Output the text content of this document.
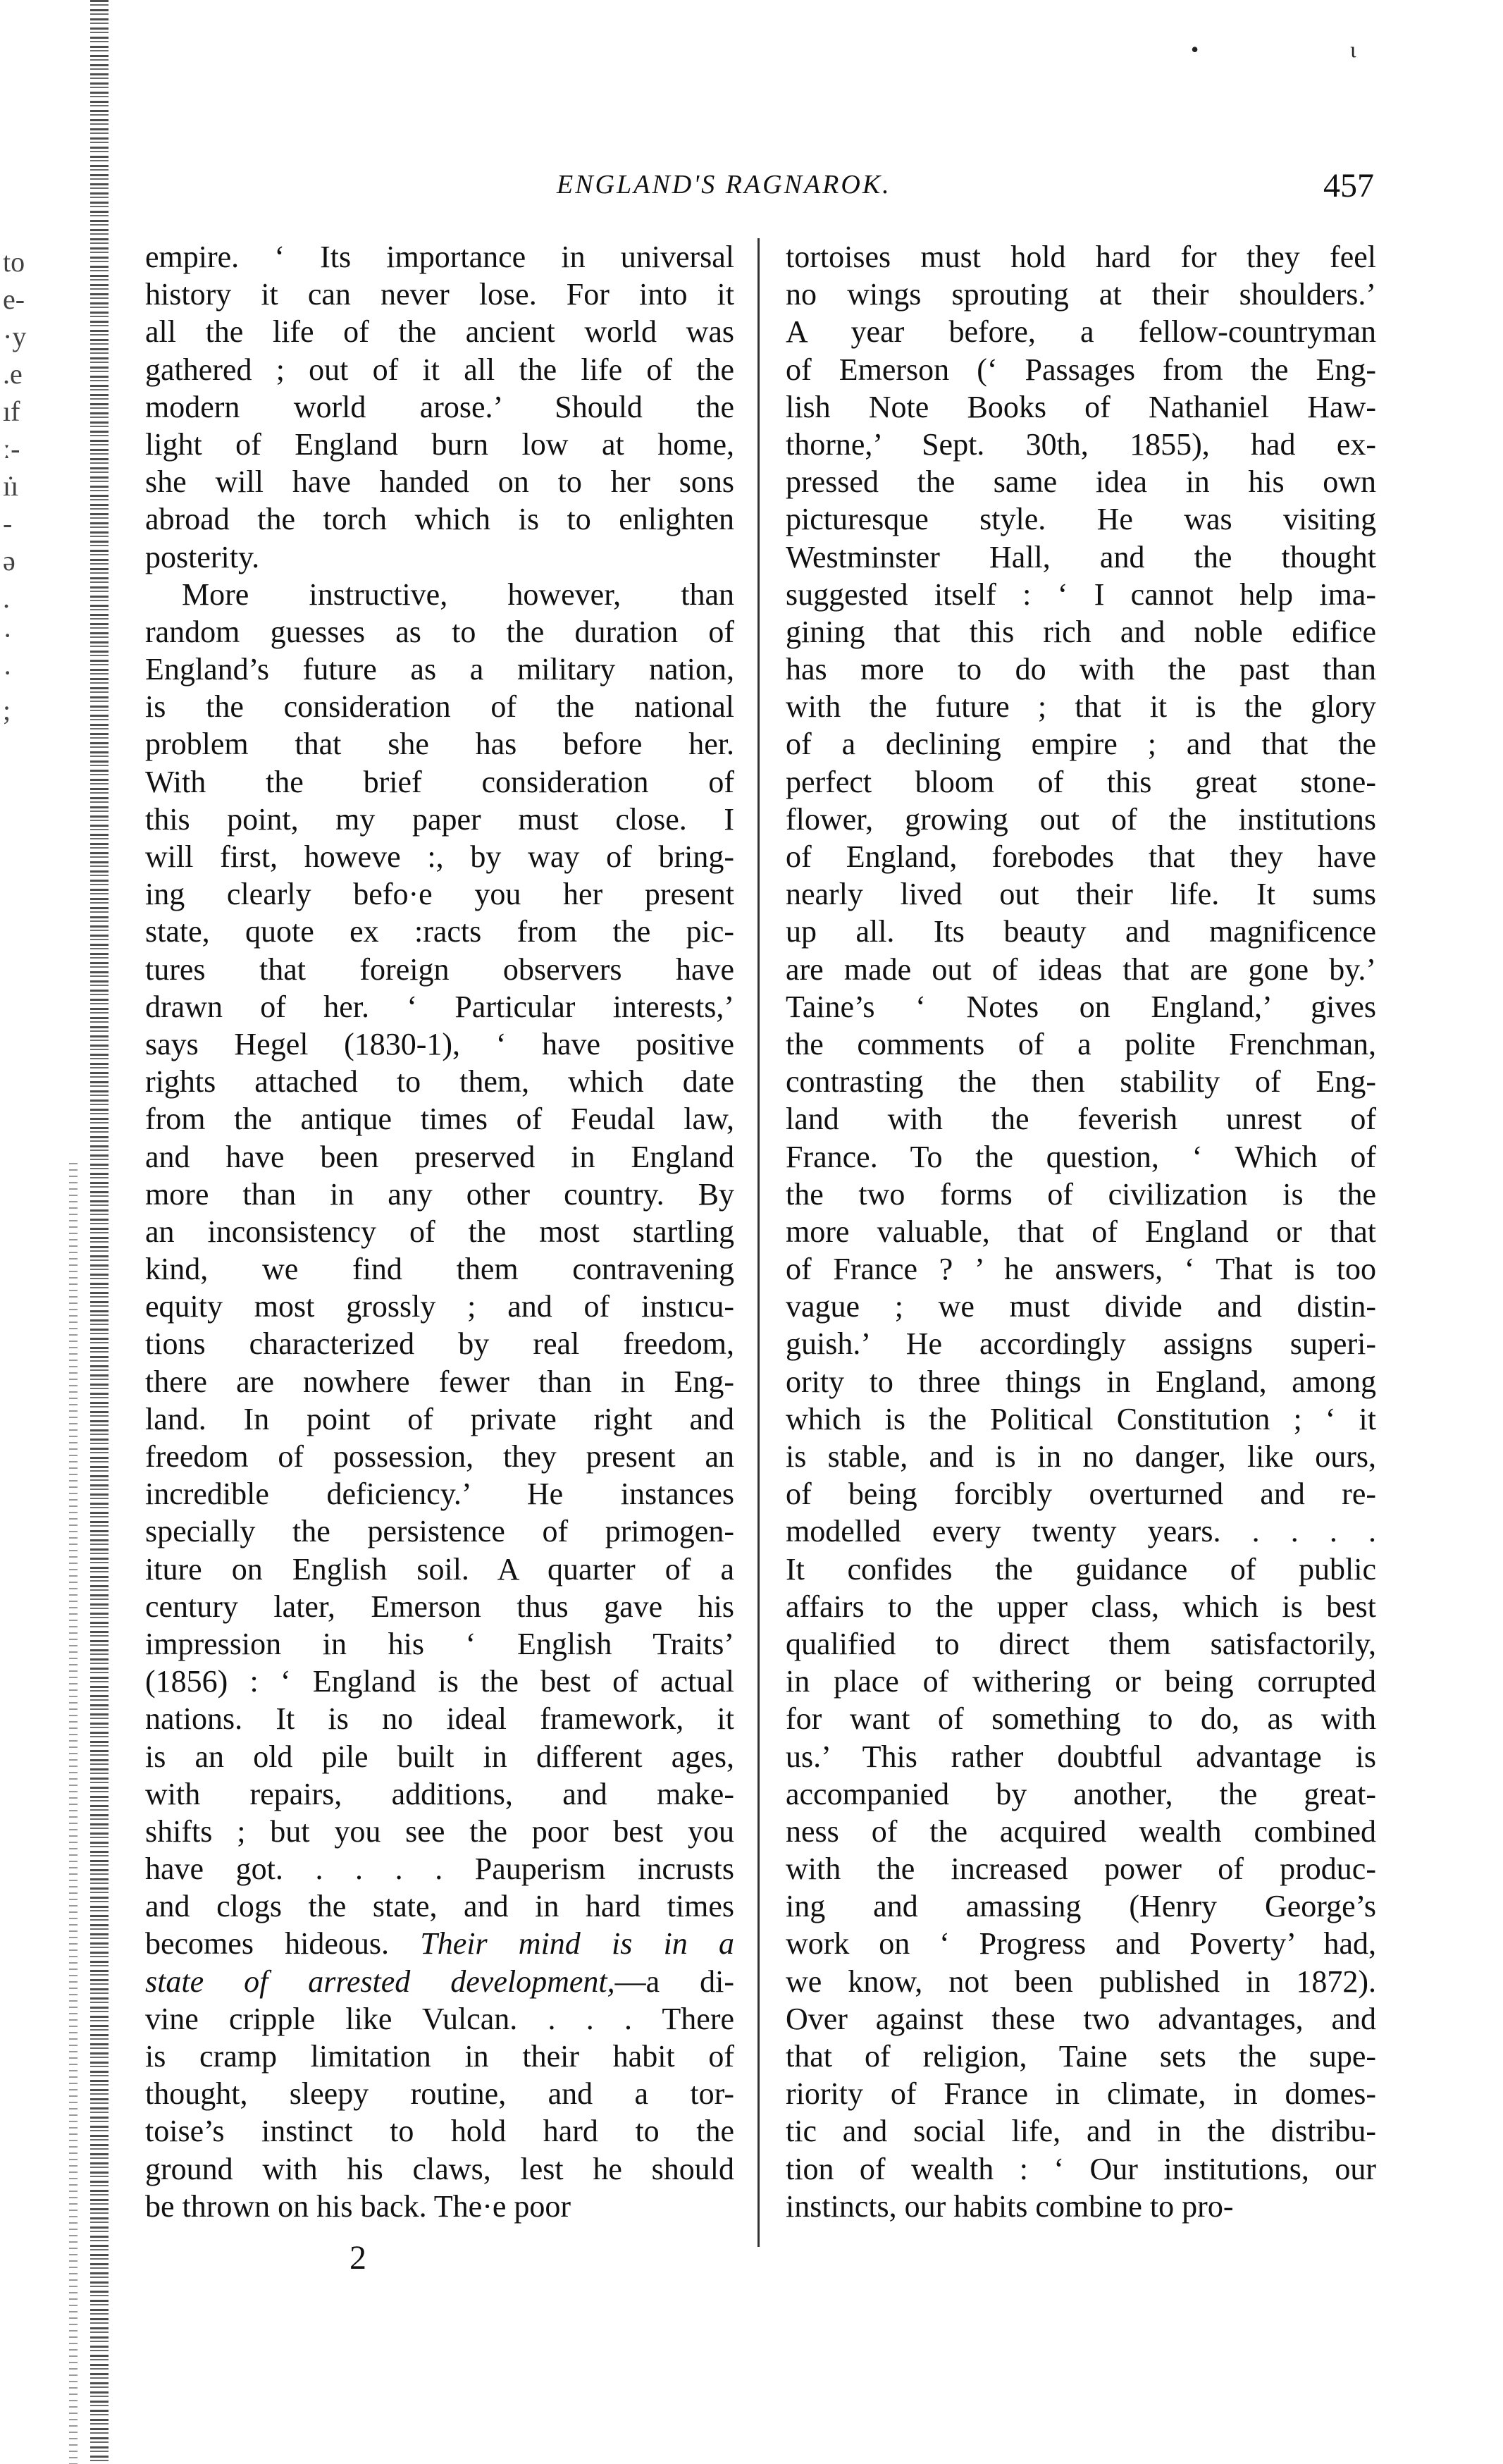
to
e-
·y
.e
ıf
ː-
ı̇ı
-
ə
.
·
·
;
•	ι
ENGLAND'S RAGNAROK.	457
empire. ‘ Its importance in universal
history it can never lose. For into it
all the life of the ancient world was
gathered ; out of it all the life of the
modern world arose.’ Should the
light of England burn low at home,
she will have handed on to her sons
abroad the torch which is to enlighten
posterity.
More instructive, however, than
random guesses as to the duration of
England’s future as a military nation,
is the consideration of the national
problem that she has before her.
With the brief consideration of
this point, my paper must close. I
will first, howeve :, by way of bring-
ing clearly befo·e you her present
state, quote ex :racts from the pic-
tures that foreign observers have
drawn of her. ‘ Particular interests,’
says Hegel (1830-1), ‘ have positive
rights attached to them, which date
from the antique times of Feudal law,
and have been preserved in England
more than in any other country. By
an inconsistency of the most startling
kind, we find them contravening
equity most grossly ; and of instıcu-
tions characterized by real freedom,
there are nowhere fewer than in Eng-
land. In point of private right and
freedom of possession, they present an
incredible deficiency.’ He instances
specially the persistence of primogen-
iture on English soil. A quarter of a
century later, Emerson thus gave his
impression in his ‘ English Traits’
(1856) : ‘ England is the best of actual
nations. It is no ideal framework, it
is an old pile built in different ages,
with repairs, additions, and make-
shifts ; but you see the poor best you
have got. . . . . Pauperism incrusts
and clogs the state, and in hard times
becomes hideous. Their mind is in a
state of arrested development,—a di-
vine cripple like Vulcan. . . . There
is cramp limitation in their habit of
thought, sleepy routine, and a tor-
toise’s instinct to hold hard to the
ground with his claws, lest he should
be thrown on his back. The·e poor
tortoises must hold hard for they feel
no wings sprouting at their shoulders.’
A year before, a fellow-countryman
of Emerson (‘ Passages from the Eng-
lish Note Books of Nathaniel Haw-
thorne,’ Sept. 30th, 1855), had ex-
pressed the same idea in his own
picturesque style. He was visiting
Westminster Hall, and the thought
suggested itself : ‘ I cannot help ima-
gining that this rich and noble edifice
has more to do with the past than
with the future ; that it is the glory
of a declining empire ; and that the
perfect bloom of this great stone-
flower, growing out of the institutions
of England, forebodes that they have
nearly lived out their life. It sums
up all. Its beauty and magnificence
are made out of ideas that are gone by.’
Taine’s ‘ Notes on England,’ gives
the comments of a polite Frenchman,
contrasting the then stability of Eng-
land with the feverish unrest of
France. To the question, ‘ Which of
the two forms of civilization is the
more valuable, that of England or that
of France ? ’ he answers, ‘ That is too
vague ; we must divide and distin-
guish.’ He accordingly assigns superi-
ority to three things in England, among
which is the Political Constitution ; ‘ it
is stable, and is in no danger, like ours,
of being forcibly overturned and re-
modelled every twenty years. . . . .
It confides the guidance of public
affairs to the upper class, which is best
qualified to direct them satisfactorily,
in place of withering or being corrupted
for want of something to do, as with
us.’ This rather doubtful advantage is
accompanied by another, the great-
ness of the acquired wealth combined
with the increased power of produc-
ing and amassing (Henry George’s
work on ‘ Progress and Poverty’ had,
we know, not been published in 1872).
Over against these two advantages, and
that of religion, Taine sets the supe-
riority of France in climate, in domes-
tic and social life, and in the distribu-
tion of wealth : ‘ Our institutions, our
instincts, our habits combine to pro-
2
